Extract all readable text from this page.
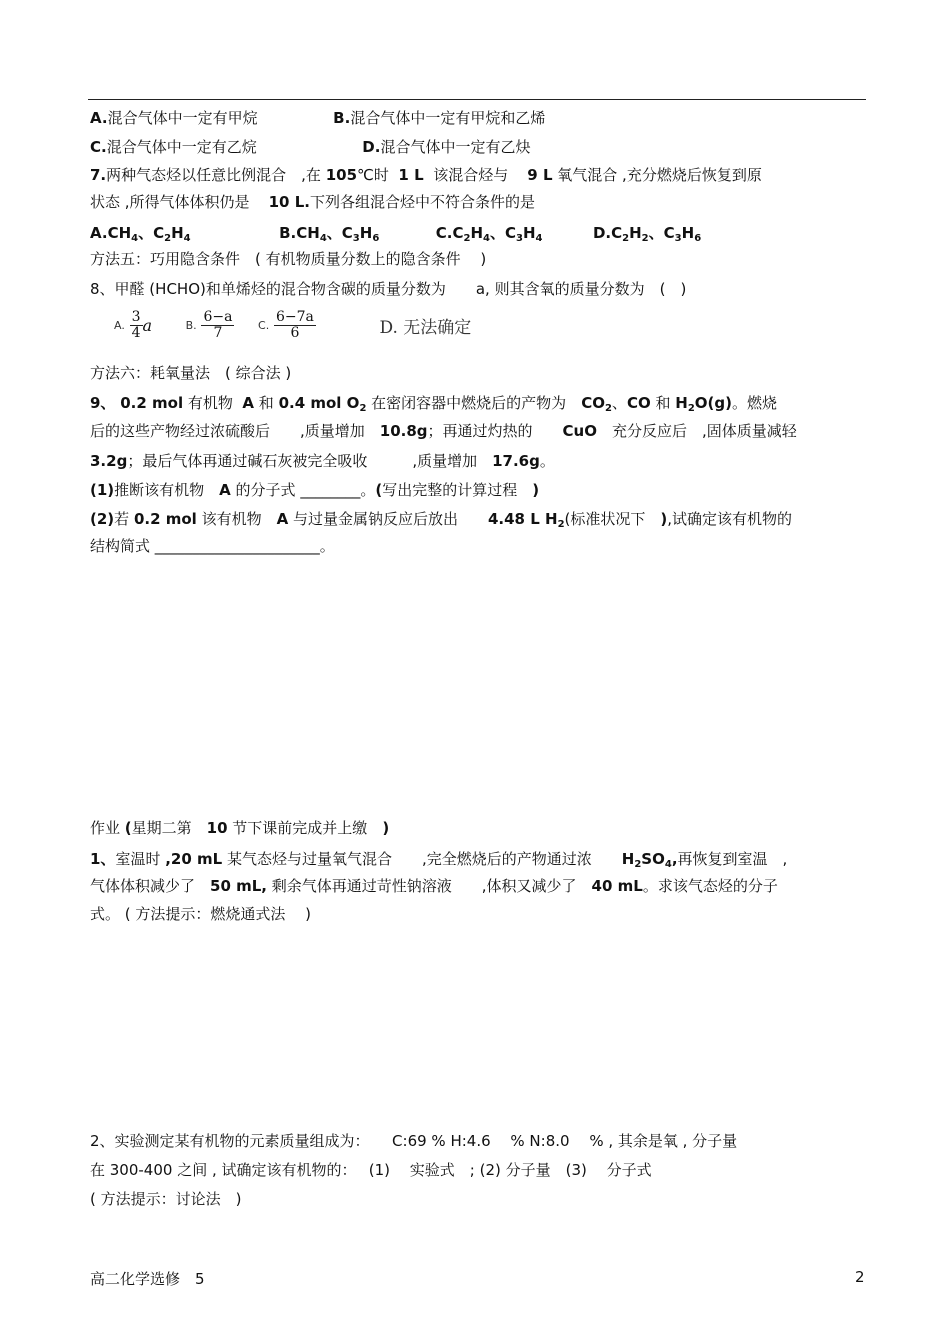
A.混合气体中一定有甲烷	B.混合气体中一定有甲烷和乙烯
C.混合气体中一定有乙烷	D.混合气体中一定有乙炔
7.两种气态烃以任意比例混合　,在 105℃时 1 L 该混合烃与 9 L 氧气混合 ,充分燃烧后恢复到原
状态 ,所得气体体积仍是 10 L.下列各组混合烃中不符合条件的是
$A.CH_4$、$C_2H_4$	$B.CH_4$、$C_3H_6$	$C.C_2H_4$、$C_3H_4$	$D.C_2H_2$、$C_3H_6$
方法五：巧用隐含条件　( 有机物质量分数上的隐含条件　 )
8、甲醛 (HCHO)和单烯烃的混合物含碳的质量分数为　　a, 则其含氧的质量分数为　(　)
A. $\frac{3}{4}$ a	B. $\frac{6-a}{7} C$. $\frac{6-7a}{6}$	D. 无法确定
方法六：耗氧量法　( 综合法 )
9、 0.2 mol 有机物  A 和 0.4 mol $O_2$ 在密闭容器中燃烧后的产物为　$CO_2$、CO 和 $H_2O(g)$。燃烧
后的这些产物经过浓硫酸后　　,质量增加　10.8g；再通过灼热的　　CuO　充分反应后　,固体质量减轻
3.2g；最后气体再通过碱石灰被完全吸收　　　,质量增加　17.6g。
(1)推断该有机物　A 的分子式 ________。(写出完整的计算过程　)
(2)若 0.2 mol 该有机物　A 与过量金属钠反应后放出　　4.48 L $H_2$(标准状况下　),试确定该有机物的
结构简式 ______________________。
作业 (星期二第　10 节下课前完成并上缴　)
1、室温时 ,20 mL 某气态烃与过量氧气混合　　,完全燃烧后的产物通过浓　　$H_2SO_4$,再恢复到室温　,
气体体积减少了　50 mL, 剩余气体再通过苛性钠溶液　　,体积又减少了　40 mL。求该气态烃的分子
式。 ( 方法提示：燃烧通式法　 )
2、实验测定某有机物的元素质量组成为：　　C:69 % H:4.6　 % N:8.0　 % , 其余是氧 , 分子量
在 300-400 之间 , 试确定该有机物的：　 (1)　 实验式　; (2) 分子量　(3)　 分子式
( 方法提示：讨论法　)
高二化学选修　5	2
